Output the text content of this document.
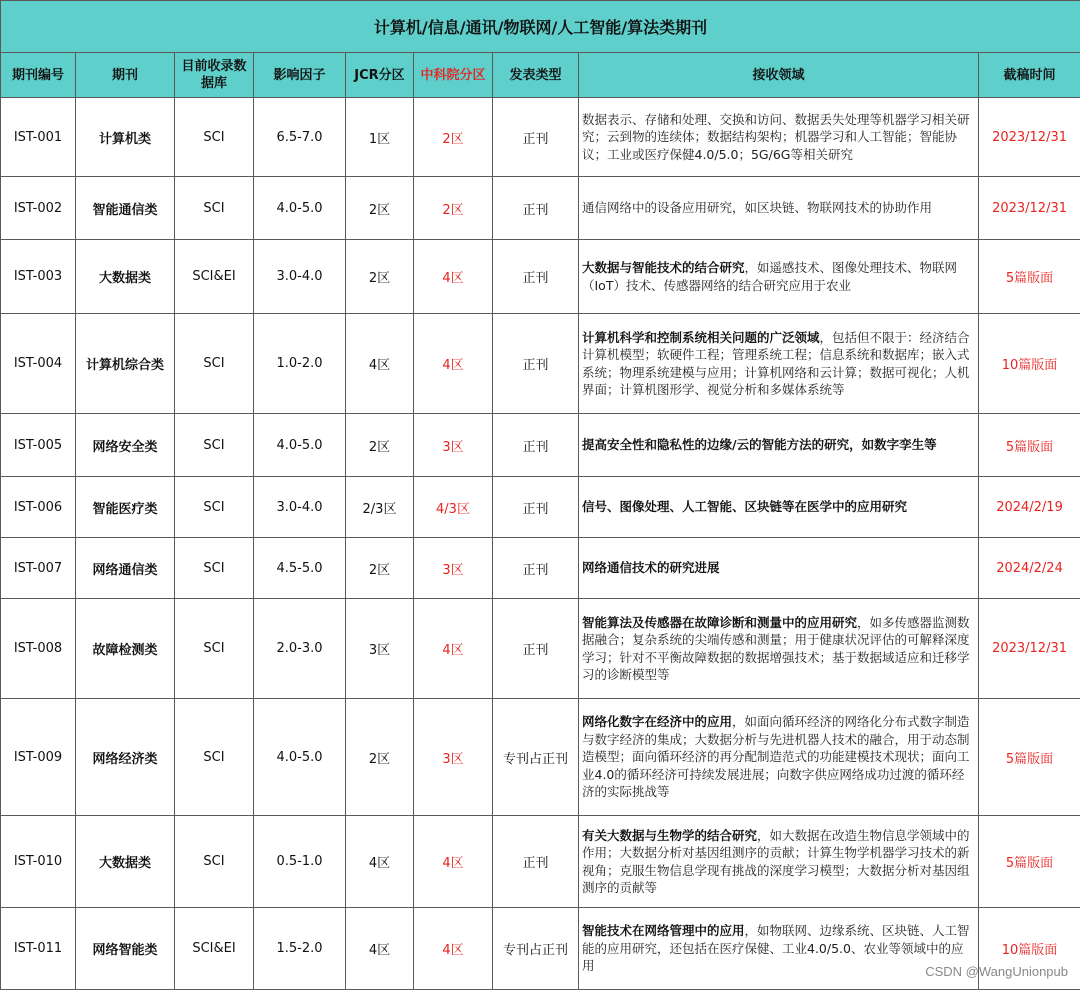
计算机/信息/通讯/物联网/人工智能/算法类期刊								
期刊编号	期刊	目前收录数据库	影响因子	JCR分区	中科院分区	发表类型	接收领域	截稿时间
IST-001	计算机类	SCI	6.5-7.0	1区	2区	正刊	数据表示、存储和处理、交换和访问、数据丢失处理等机器学习相关研究；云到物的连续体；数据结构架构；机器学习和人工智能；智能协议；工业或医疗保健4.0/5.0；5G/6G等相关研究	2023/12/31
IST-002	智能通信类	SCI	4.0-5.0	2区	2区	正刊	通信网络中的设备应用研究，如区块链、物联网技术的协助作用	2023/12/31
IST-003	大数据类	SCI&EI	3.0-4.0	2区	4区	正刊	大数据与智能技术的结合研究，如遥感技术、图像处理技术、物联网（IoT）技术、传感器网络的结合研究应用于农业	5篇版面
IST-004	计算机综合类	SCI	1.0-2.0	4区	4区	正刊	计算机科学和控制系统相关问题的广泛领域，包括但不限于：经济结合计算机模型；软硬件工程；管理系统工程；信息系统和数据库；嵌入式系统；物理系统建模与应用；计算机网络和云计算；数据可视化；人机界面；计算机图形学、视觉分析和多媒体系统等	10篇版面
IST-005	网络安全类	SCI	4.0-5.0	2区	3区	正刊	提高安全性和隐私性的边缘/云的智能方法的研究，如数字孪生等	5篇版面
IST-006	智能医疗类	SCI	3.0-4.0	2/3区	4/3区	正刊	信号、图像处理、人工智能、区块链等在医学中的应用研究	2024/2/19
IST-007	网络通信类	SCI	4.5-5.0	2区	3区	正刊	网络通信技术的研究进展	2024/2/24
IST-008	故障检测类	SCI	2.0-3.0	3区	4区	正刊	智能算法及传感器在故障诊断和测量中的应用研究，如多传感器监测数据融合；复杂系统的尖端传感和测量；用于健康状况评估的可解释深度学习；针对不平衡故障数据的数据增强技术；基于数据域适应和迁移学习的诊断模型等	2023/12/31
IST-009	网络经济类	SCI	4.0-5.0	2区	3区	专刊占正刊	网络化数字在经济中的应用，如面向循环经济的网络化分布式数字制造与数字经济的集成；大数据分析与先进机器人技术的融合，用于动态制造模型；面向循环经济的再分配制造范式的功能建模技术现状；面向工业4.0的循环经济可持续发展进展；向数字供应网络成功过渡的循环经济的实际挑战等	5篇版面
IST-010	大数据类	SCI	0.5-1.0	4区	4区	正刊	有关大数据与生物学的结合研究，如大数据在改造生物信息学领域中的作用；大数据分析对基因组测序的贡献；计算生物学机器学习技术的新视角；克服生物信息学现有挑战的深度学习模型；大数据分析对基因组测序的贡献等	5篇版面
IST-011	网络智能类	SCI&EI	1.5-2.0	4区	4区	专刊占正刊	智能技术在网络管理中的应用，如物联网、边缘系统、区块链、人工智能的应用研究，还包括在医疗保健、工业4.0/5.0、农业等领域中的应用	10篇版面
CSDN @WangUnionpub
